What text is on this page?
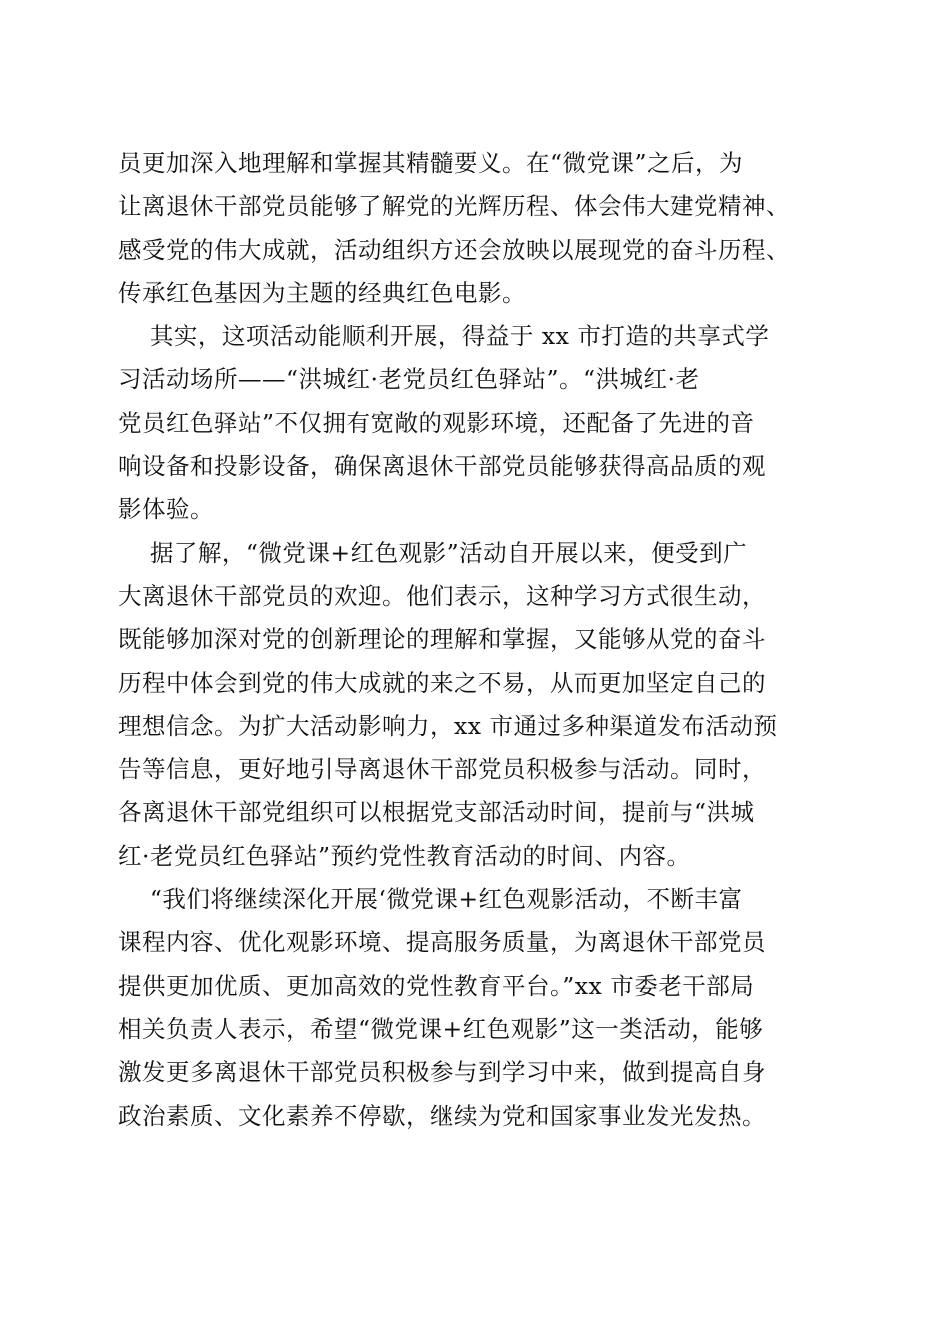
员更加深入地理解和掌握其精髓要义。在“微党课”之后，为
让离退休干部党员能够了解党的光辉历程、体会伟大建党精神、
感受党的伟大成就，活动组织方还会放映以展现党的奋斗历程、
传承红色基因为主题的经典红色电影。
其实，这项活动能顺利开展，得益于 xx 市打造的共享式学
习活动场所——“洪城红·老党员红色驿站”。“洪城红·老
党员红色驿站”不仅拥有宽敞的观影环境，还配备了先进的音
响设备和投影设备，确保离退休干部党员能够获得高品质的观
影体验。
据了解，“微党课+红色观影”活动自开展以来，便受到广
大离退休干部党员的欢迎。他们表示，这种学习方式很生动，
既能够加深对党的创新理论的理解和掌握，又能够从党的奋斗
历程中体会到党的伟大成就的来之不易，从而更加坚定自己的
理想信念。为扩大活动影响力，xx 市通过多种渠道发布活动预
告等信息，更好地引导离退休干部党员积极参与活动。同时，
各离退休干部党组织可以根据党支部活动时间，提前与“洪城
红·老党员红色驿站”预约党性教育活动的时间、内容。
“我们将继续深化开展‘微党课+红色观影活动，不断丰富
课程内容、优化观影环境、提高服务质量，为离退休干部党员
提供更加优质、更加高效的党性教育平台。”xx 市委老干部局
相关负责人表示，希望“微党课+红色观影”这一类活动，能够
激发更多离退休干部党员积极参与到学习中来，做到提高自身
政治素质、文化素养不停歇，继续为党和国家事业发光发热。
